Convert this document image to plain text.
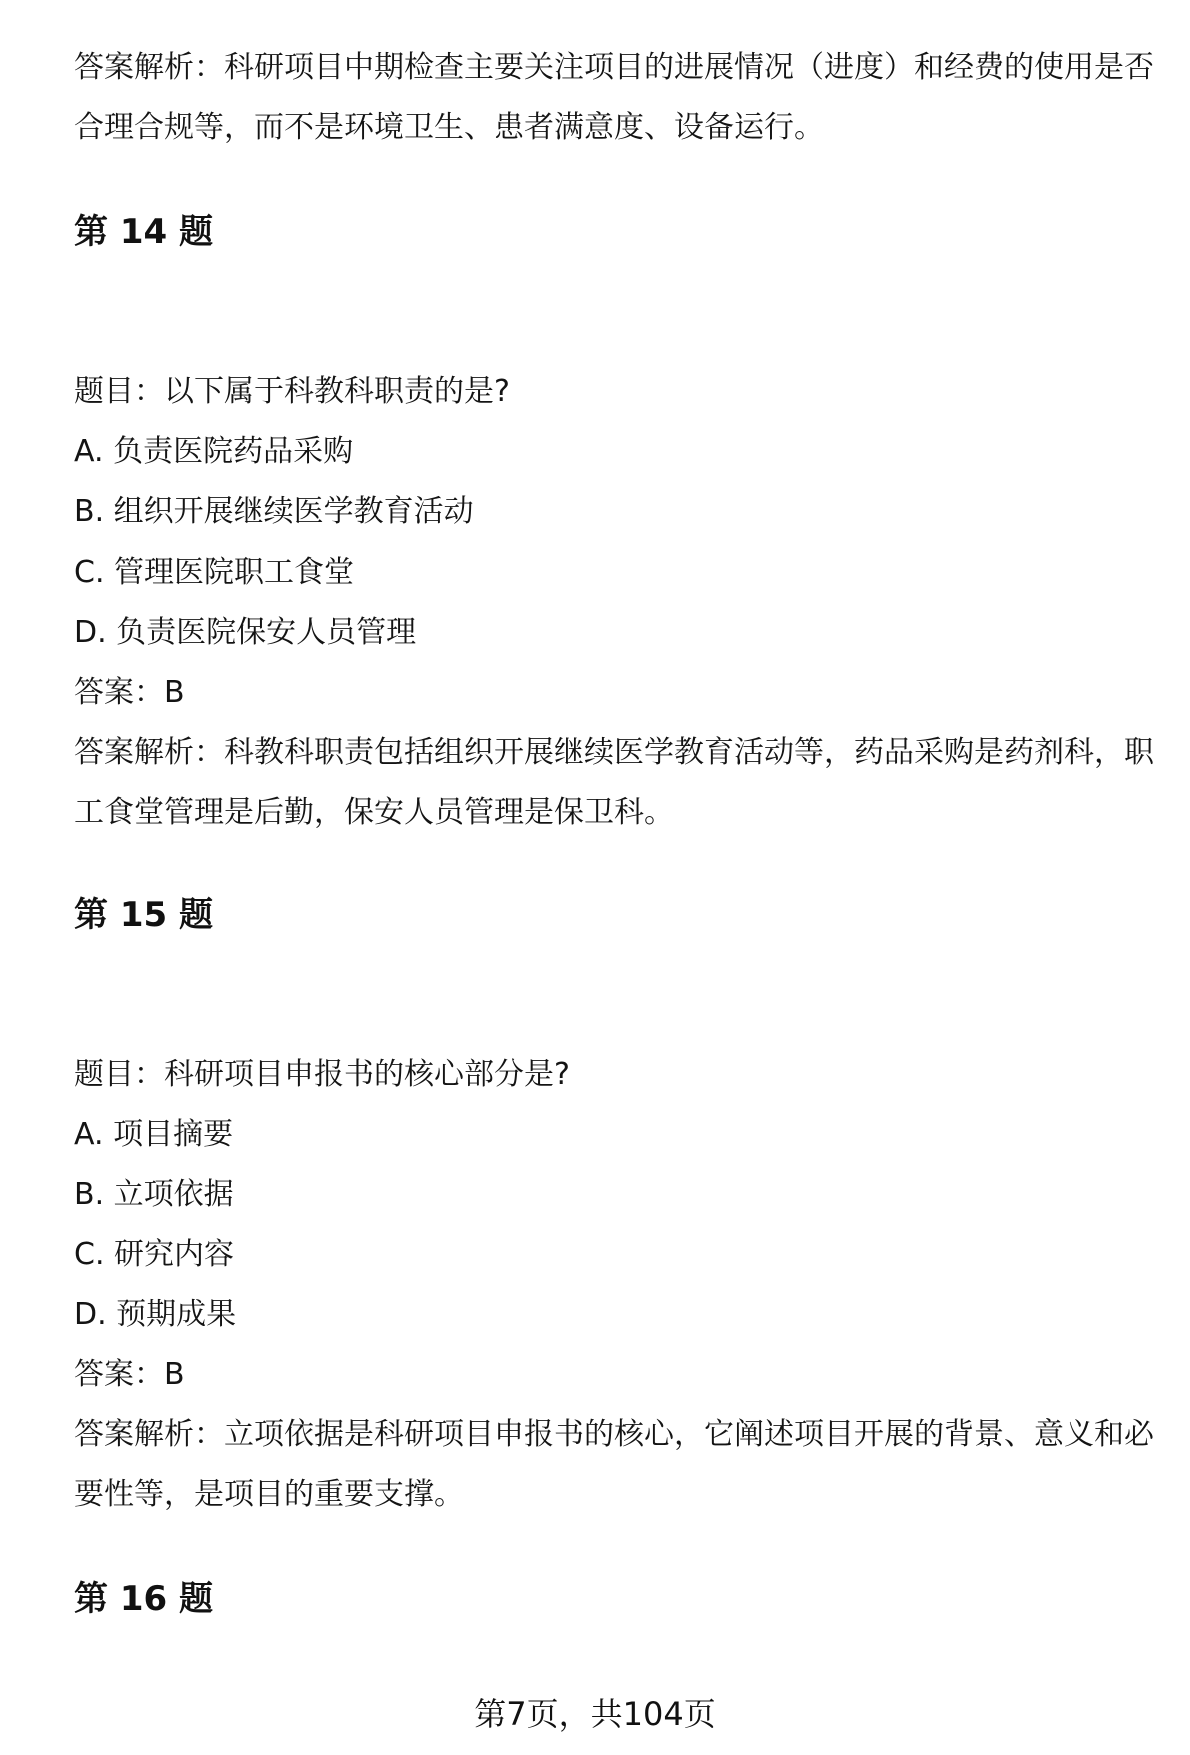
答案解析：科研项目中期检查主要关注项目的进展情况（进度）和经费的使用是否
合理合规等，而不是环境卫生、患者满意度、设备运行。
第 14 题
题目：以下属于科教科职责的是?
A. 负责医院药品采购
B. 组织开展继续医学教育活动
C. 管理医院职工食堂
D. 负责医院保安人员管理
答案：B
答案解析：科教科职责包括组织开展继续医学教育活动等，药品采购是药剂科，职
工食堂管理是后勤，保安人员管理是保卫科。
第 15 题
题目：科研项目申报书的核心部分是?
A. 项目摘要
B. 立项依据
C. 研究内容
D. 预期成果
答案：B
答案解析：立项依据是科研项目申报书的核心，它阐述项目开展的背景、意义和必
要性等，是项目的重要支撑。
第 16 题
第7页，共104页
